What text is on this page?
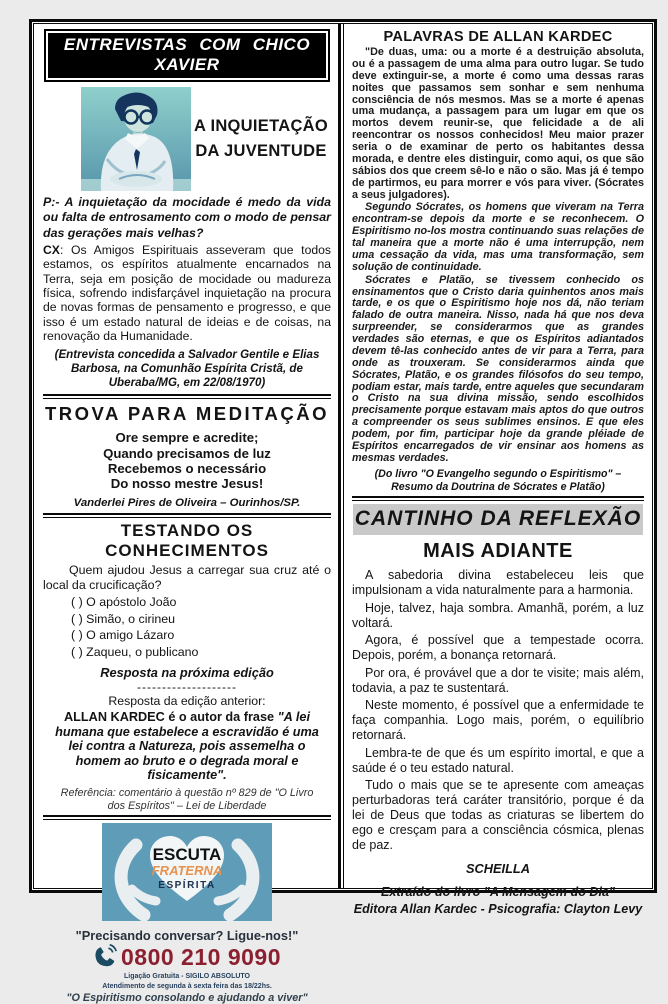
ENTREVISTAS COM CHICO XAVIER
A INQUIETAÇÃO
DA JUVENTUDE
P:- A inquietação da mocidade é medo da vida ou falta de entrosamento com o modo de pensar das gerações mais velhas?
CX: Os Amigos Espirituais asseveram que todos estamos, os espíritos atualmente encarnados na Terra, seja em posição de mocidade ou madureza física, sofrendo indisfarçável inquietação na procura de novas formas de pensamento e progresso, e que isso é um estado natural de ideias e de coisas, na renovação da Humanidade.
(Entrevista concedida a Salvador Gentile e Elias Barbosa, na Comunhão Espírita Cristã, de Uberaba/MG, em 22/08/1970)
TROVA PARA MEDITAÇÃO
Ore sempre e acredite;
Quando precisamos de luz
Recebemos o necessário
Do nosso mestre Jesus!
Vanderlei Pires de Oliveira – Ourinhos/SP.
TESTANDO OS CONHECIMENTOS
Quem ajudou Jesus a carregar sua cruz até o local da crucificação?
( ) O apóstolo João
( ) Simão, o cirineu
( ) O amigo Lázaro
( ) Zaqueu, o publicano
Resposta na próxima edição
--------------------
Resposta da edição anterior:
ALLAN KARDEC é o autor da frase "A lei humana que estabelece a escravidão é uma lei contra a Natureza, pois assemelha o homem ao bruto e o degrada moral e fisicamente".
Referência: comentário à questão nº 829 de "O Livro dos Espíritos" – Lei de Liberdade
ESCUTA
FRATERNA
ESPÍRITA
"Precisando conversar? Ligue-nos!"
0800 210 9090
Ligação Gratuita - SIGILO ABSOLUTO
Atendimento de segunda à sexta feira das 18/22hs.
"O Espiritismo consolando e ajudando a viver"
PALAVRAS DE ALLAN KARDEC
"De duas, uma: ou a morte é a destruição absoluta, ou é a passagem de uma alma para outro lugar. Se tudo deve extinguir-se, a morte é como uma dessas raras noites que passamos sem sonhar e sem nenhuma consciência de nós mesmos. Mas se a morte é apenas uma mudança, a passagem para um lugar em que os mortos devem reunir-se, que felicidade a de ali reencontrar os nossos conhecidos! Meu maior prazer seria o de examinar de perto os habitantes dessa morada, e dentre eles distinguir, como aqui, os que são sábios dos que creem sê-lo e não o são. Mas já é tempo de partirmos, eu para morrer e vós para viver. (Sócrates a seus julgadores).
Segundo Sócrates, os homens que viveram na Terra encontram-se depois da morte e se reconhecem. O Espiritismo no-los mostra continuando suas relações de tal maneira que a morte não é uma interrupção, nem uma cessação da vida, mas uma transformação, sem solução de continuidade.
Sócrates e Platão, se tivessem conhecido os ensinamentos que o Cristo daria quinhentos anos mais tarde, e os que o Espiritismo hoje nos dá, não teriam falado de outra maneira. Nisso, nada há que nos deva surpreender, se considerarmos que as grandes verdades são eternas, e que os Espíritos adiantados devem tê-las conhecido antes de vir para a Terra, para onde as trouxeram. Se considerarmos ainda que Sócrates, Platão, e os grandes filósofos do seu tempo, podiam estar, mais tarde, entre aqueles que secundaram o Cristo na sua divina missão, sendo escolhidos precisamente porque estavam mais aptos do que outros a compreender os seus sublimes ensinos. E que eles podem, por fim, participar hoje da grande pléiade de Espíritos encarregados de vir ensinar aos homens as mesmas verdades.
(Do livro "O Evangelho segundo o Espiritismo" – Resumo da Doutrina de Sócrates e Platão)
CANTINHO DA REFLEXÃO
MAIS ADIANTE
A sabedoria divina estabeleceu leis que impulsionam a vida naturalmente para a harmonia.
Hoje, talvez, haja sombra. Amanhã, porém, a luz voltará.
Agora, é possível que a tempestade ocorra. Depois, porém, a bonança retornará.
Por ora, é provável que a dor te visite; mais além, todavia, a paz te sustentará.
Neste momento, é possível que a enfermidade te faça companhia. Logo mais, porém, o equilíbrio retornará.
Lembra-te de que és um espírito imortal, e que a saúde é o teu estado natural.
Tudo o mais que se te apresente com ameaças perturbadoras terá caráter transitório, porque é da lei de Deus que todas as criaturas se libertem do ego e cresçam para a consciência cósmica, plenas de paz.
SCHEILLA
Extraído do livro "A Mensagem do Dia"
Editora Allan Kardec - Psicografia: Clayton Levy
